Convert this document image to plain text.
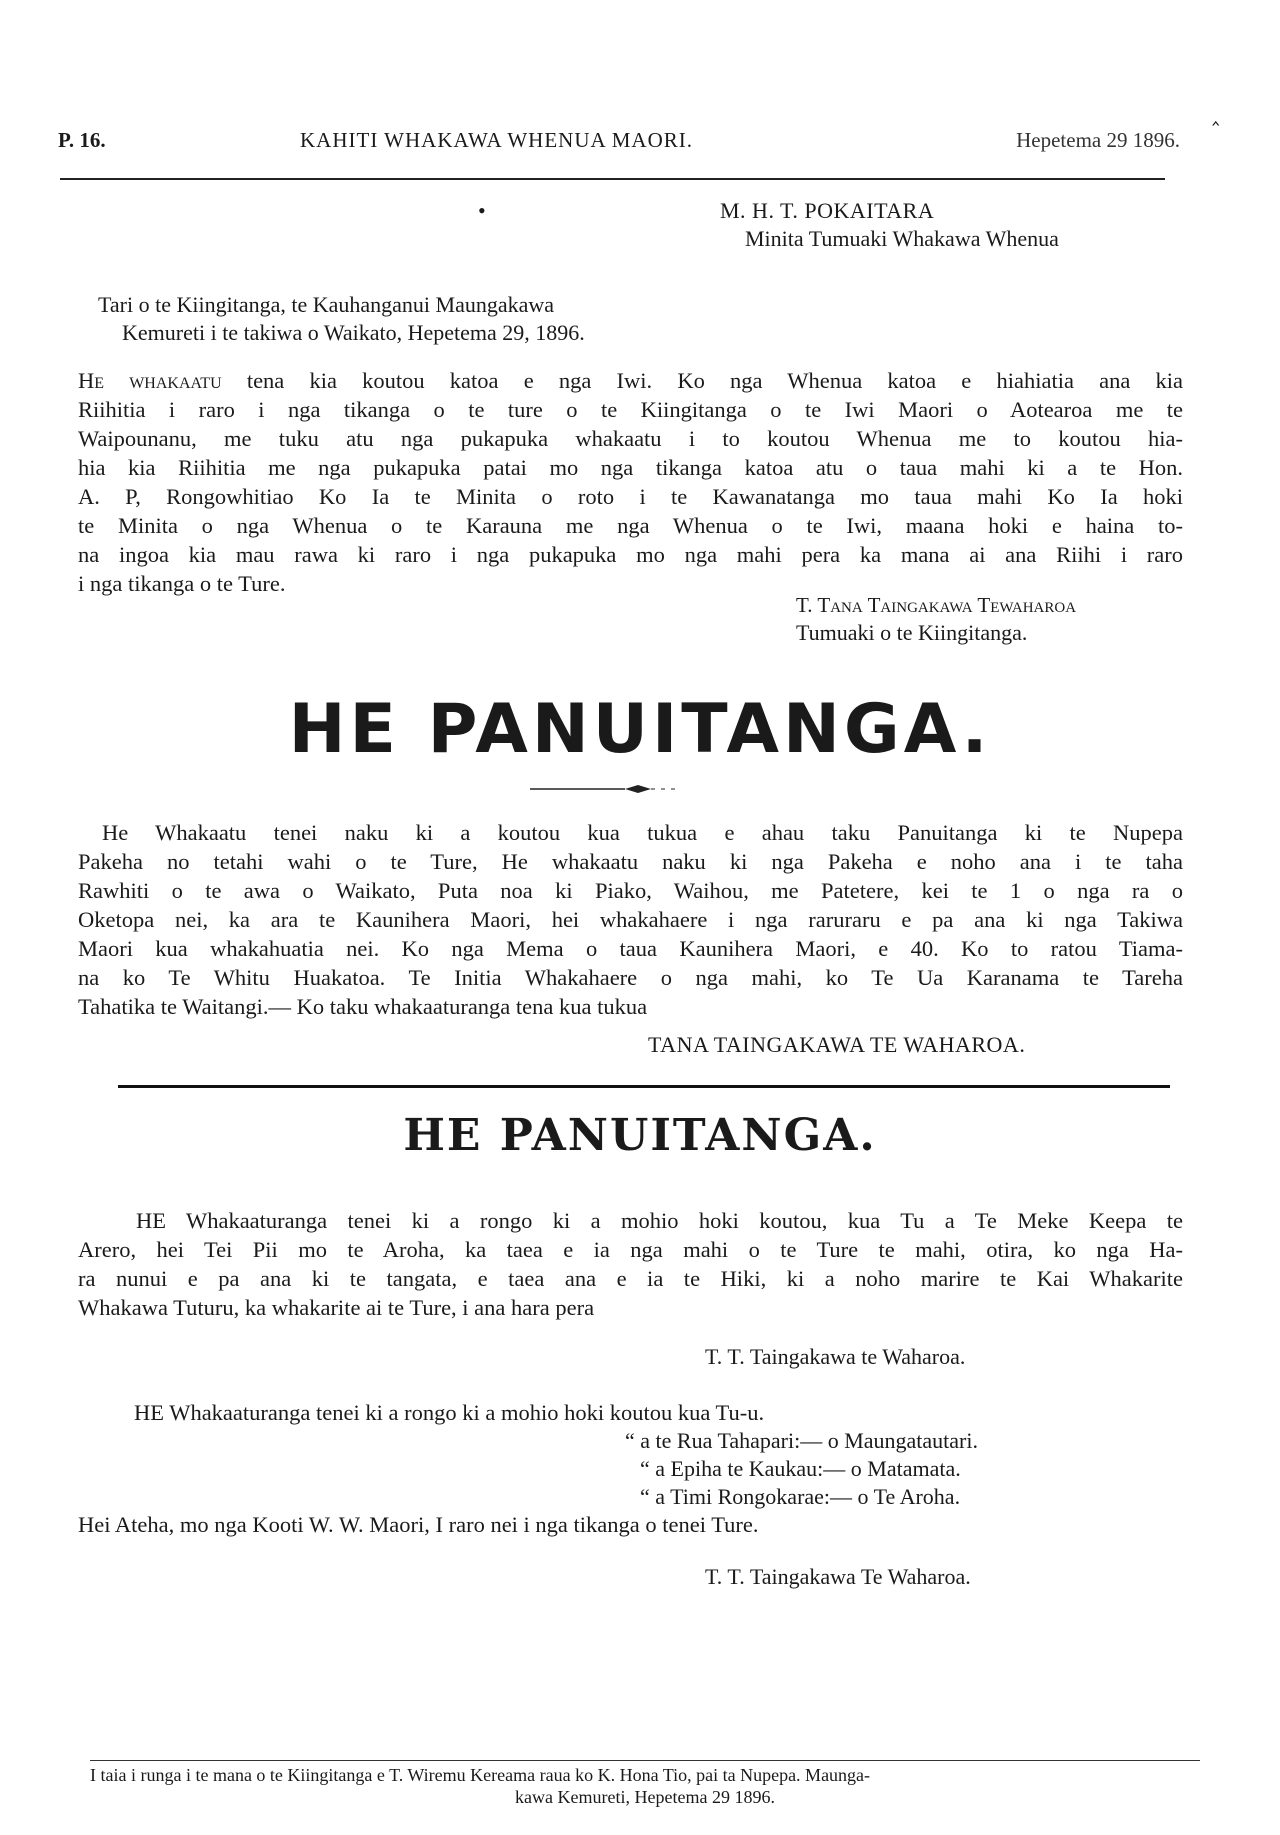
P. 16.	KAHITI WHAKAWA WHENUA MAORI.	Hepetema 29 1896.
‸
•	M. H. T. POKAITARA
Minita Tumuaki Whakawa Whenua
Tari o te Kiingitanga, te Kauhanganui Maungakawa
Kemureti i te takiwa o Waikato, Hepetema 29, 1896.
He whakaatu tena kia koutou katoa e nga Iwi. Ko nga Whenua katoa e hiahiatia ana kia
Riihitia i raro i nga tikanga o te ture o te Kiingitanga o te Iwi Maori o Aotearoa me te
Waipounanu, me tuku atu nga pukapuka whakaatu i to koutou Whenua me to koutou hia-
hia kia Riihitia me nga pukapuka patai mo nga tikanga katoa atu o taua mahi ki a te Hon.
A. P, Rongowhitiao Ko Ia te Minita o roto i te Kawanatanga mo taua mahi Ko Ia hoki
te Minita o nga Whenua o te Karauna me nga Whenua o te Iwi, maana hoki e haina to-
na ingoa kia mau rawa ki raro i nga pukapuka mo nga mahi pera ka mana ai ana Riihi i raro
i nga tikanga o te Ture.
T. Tana Taingakawa Tewaharoa
Tumuaki o te Kiingitanga.
HE PANUITANGA.
He Whakaatu tenei naku ki a koutou kua tukua e ahau taku Panuitanga ki te Nupepa
Pakeha no tetahi wahi o te Ture, He whakaatu naku ki nga Pakeha e noho ana i te taha
Rawhiti o te awa o Waikato, Puta noa ki Piako, Waihou, me Patetere, kei te 1 o nga ra o
Oketopa nei, ka ara te Kaunihera Maori, hei whakahaere i nga raruraru e pa ana ki nga Takiwa
Maori kua whakahuatia nei. Ko nga Mema o taua Kaunihera Maori, e 40. Ko to ratou Tiama-
na ko Te Whitu Huakatoa. Te Initia Whakahaere o nga mahi, ko Te Ua Karanama te Tareha
Tahatika te Waitangi.— Ko taku whakaaturanga tena kua tukua
TANA TAINGAKAWA TE WAHAROA.
HE PANUITANGA.
HE Whakaaturanga tenei ki a rongo ki a mohio hoki koutou, kua Tu a Te Meke Keepa te
Arero, hei Tei Pii mo te Aroha, ka taea e ia nga mahi o te Ture te mahi, otira, ko nga Ha-
ra nunui e pa ana ki te tangata, e taea ana e ia te Hiki, ki a noho marire te Kai Whakarite
Whakawa Tuturu, ka whakarite ai te Ture, i ana hara pera
T. T. Taingakawa te Waharoa.
HE Whakaaturanga tenei ki a rongo ki a mohio hoki koutou kua Tu-u.
“ a te Rua Tahapari:— o Maungatautari.
“ a Epiha te Kaukau:— o Matamata.
“ a Timi Rongokarae:— o Te Aroha.
Hei Ateha, mo nga Kooti W. W. Maori, I raro nei i nga tikanga o tenei Ture.
T. T. Taingakawa Te Waharoa.
I taia i runga i te mana o te Kiingitanga e T. Wiremu Kereama raua ko K. Hona Tio, pai ta Nupepa. Maunga-
kawa Kemureti, Hepetema 29 1896.
